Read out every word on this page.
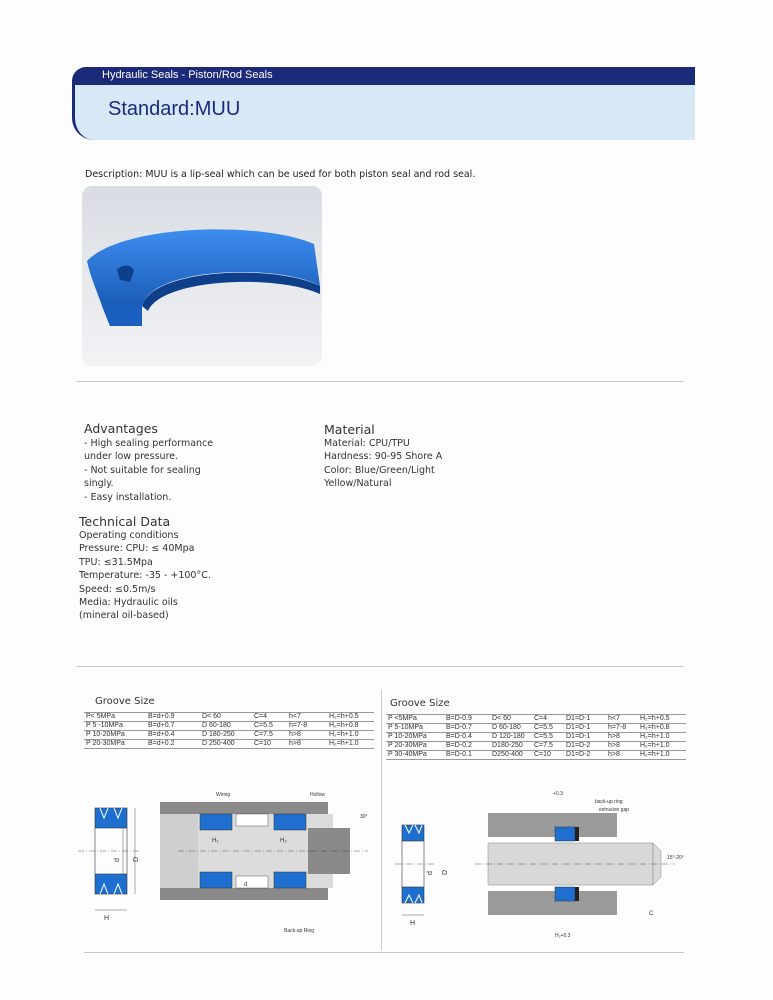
Hydraulic Seals - Piston/Rod Seals
Standard:MUU
Description: MUU is a lip-seal which can be used for both piston seal and rod seal.
Advantages
- High sealing performance
under low pressure.
- Not suitable for sealing
singly.
- Easy installation.
Material
Material: CPU/TPU
Hardness: 90-95 Shore A
Color: Blue/Green/Light
Yellow/Natural
Technical Data
Operating conditions
Pressure: CPU: ≤ 40Mpa
TPU: ≤31.5Mpa
Temperature: -35 - +100°C.
Speed: ≤0.5m/s
Media: Hydraulic oils
(mineral oil-based)
Groove Size
P< 5MPa	B=d+0.9	D< 60	C=4	h<7	H₂=h+0.5
P 5 -10MPa	B=d+0.7	D 60-180	C=5.5 h=7-8	H₂=h+0.8
P 10-20MPa	B=d+0.4	D 180-250	C=7.5 h>8	H₂=h+1.0
P 20-30MPa	B=d+0.2	D 250-400	C=10	h>8	H₂=h+1.0
Groove Size
P <5MPa	B=D-0.9	D< 60	C=4	D1=D-1	h<7	H₂=h+0.5
P 5-10MPa	B=D-0.7	D 60-180 C=5.5 D1=D-1	h=7-8 H₂=h+0.8
P 10-20MPa	B=D-0.4	D 120-180 C=5.5 D1=D-1	h>8	H₂=h+1.0
P 20-30MPa	B=D-0.2	D180-250 C=7.5 D1=D-2	h>8	H₂=h+1.0
P 30-40MPa	B=D-0.1	D250-400 C=10 D1=D-2	h>8	H₂=h+1.0
d D
H
Wiring	Hollow
30°
H₁	H₂
Back-up Ring
d
d D
H
+0.3
back-up ring
extrusion gap
15°-20°
C
H₂+0.3
